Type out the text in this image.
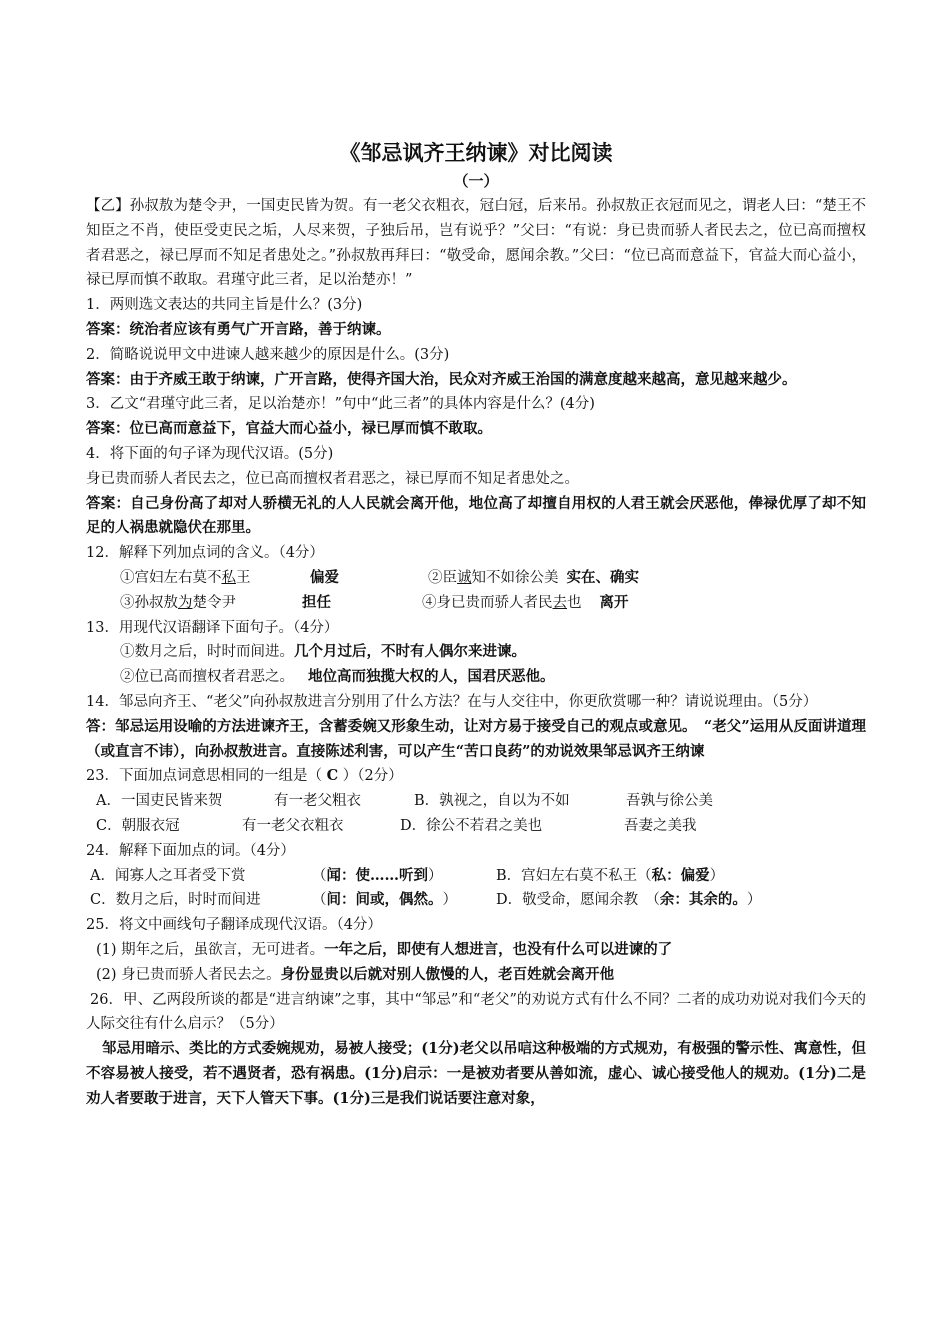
《邹忌讽齐王纳谏》对比阅读
（一）

【乙】孙叔敖为楚令尹，一国吏民皆为贺。有一老父衣粗衣，冠白冠，后来吊。孙叔敖正衣冠而见之，谓老人曰：“楚王不知臣之不肖，使臣受吏民之垢，人尽来贺，子独后吊，岂有说乎？”父曰：“有说：身已贵而骄人者民去之，位已高而擅权者君恶之，禄已厚而不知足者患处之。”孙叔敖再拜曰：“敬受命，愿闻余教。”父曰：“位已高而意益下，官益大而心益小，禄已厚而慎不敢取。君瑾守此三者，足以治楚亦！”

1．两则选文表达的共同主旨是什么？(3分)

答案：统治者应该有勇气广开言路，善于纳谏。

2．简略说说甲文中进谏人越来越少的原因是什么。(3分)

答案：由于齐威王敢于纳谏，广开言路，使得齐国大治，民众对齐威王治国的满意度越来越高，意见越来越少。

3．乙文“君瑾守此三者，足以治楚亦！”句中“此三者”的具体内容是什么？(4分)

答案：位已高而意益下，官益大而心益小，禄已厚而慎不敢取。

4．将下面的句子译为现代汉语。(5分)

身已贵而骄人者民去之，位已高而擅权者君恶之，禄已厚而不知足者患处之。

答案：自己身份高了却对人骄横无礼的人人民就会离开他，地位高了却擅自用权的人君王就会厌恶他，俸禄优厚了却不知足的人祸患就隐伏在那里。

12．解释下列加点词的含义。（4分）

①宫妇左右莫不私王	偏爱	②臣诚知不如徐公美 实在、确实
③孙叔敖为楚令尹	担任	④身已贵而骄人者民去也 离开

13．用现代汉语翻译下面句子。（4分）

①数月之后，时时而间进。 几个月过后，不时有人偶尔来进谏。
②位已高而擅权者君恶之。 地位高而独揽大权的人，国君厌恶他。

14．邹忌向齐王、“老父”向孙叔敖进言分别用了什么方法？在与人交往中，你更欣赏哪一种？请说说理由。（5分）

答：邹忌运用设喻的方法进谏齐王，含蓄委婉又形象生动，让对方易于接受自己的观点或意见。　“老父”运用从反面讲道理（或直言不讳），向孙叔敖进言。直接陈述利害，可以产生“苦口良药”的劝说效果邹忌讽齐王纳谏

23．下面加点词意思相同的一组是（ C ）（2分）

A．一国吏民皆来贺	有一老父粗衣	B．孰视之，自以为不如	吾孰与徐公美
C．朝服衣冠	有一老父衣粗衣	D．徐公不若君之美也	吾妻之美我

24．解释下面加点的词。（4分）

A．闻寡人之耳者受下赏	（闻：使……听到）	B．宫妇左右莫不私王（ 私：偏爱 ）
C．数月之后，时时而间进	（间：间或，偶然。）	D．敬受命，愿闻余教　（ 余：其余的。 ）

25．将文中画线句子翻译成现代汉语。（4分）

(1) 期年之后，虽欲言，无可进者。 一年之后，即使有人想进言，也没有什么可以进谏的了
(2) 身已贵而骄人者民去之。 身份显贵以后就对别人傲慢的人，老百姓就会离开他

26．甲、乙两段所谈的都是“进言纳谏”之事，其中“邹忌”和“老父”的劝说方式有什么不同？二者的成功劝说对我们今天的人际交往有什么启示？（5分）

邹忌用暗示、类比的方式委婉规劝，易被人接受；(1分)老父以吊唁这种极端的方式规劝，有极强的警示性、寓意性，但不容易被人接受，若不遇贤者，恐有祸患。(1分)启示：一是被劝者要从善如流，虚心、诚心接受他人的规劝。(1分)二是劝人者要敢于进言，天下人管天下事。(1分)三是我们说话要注意对象，
